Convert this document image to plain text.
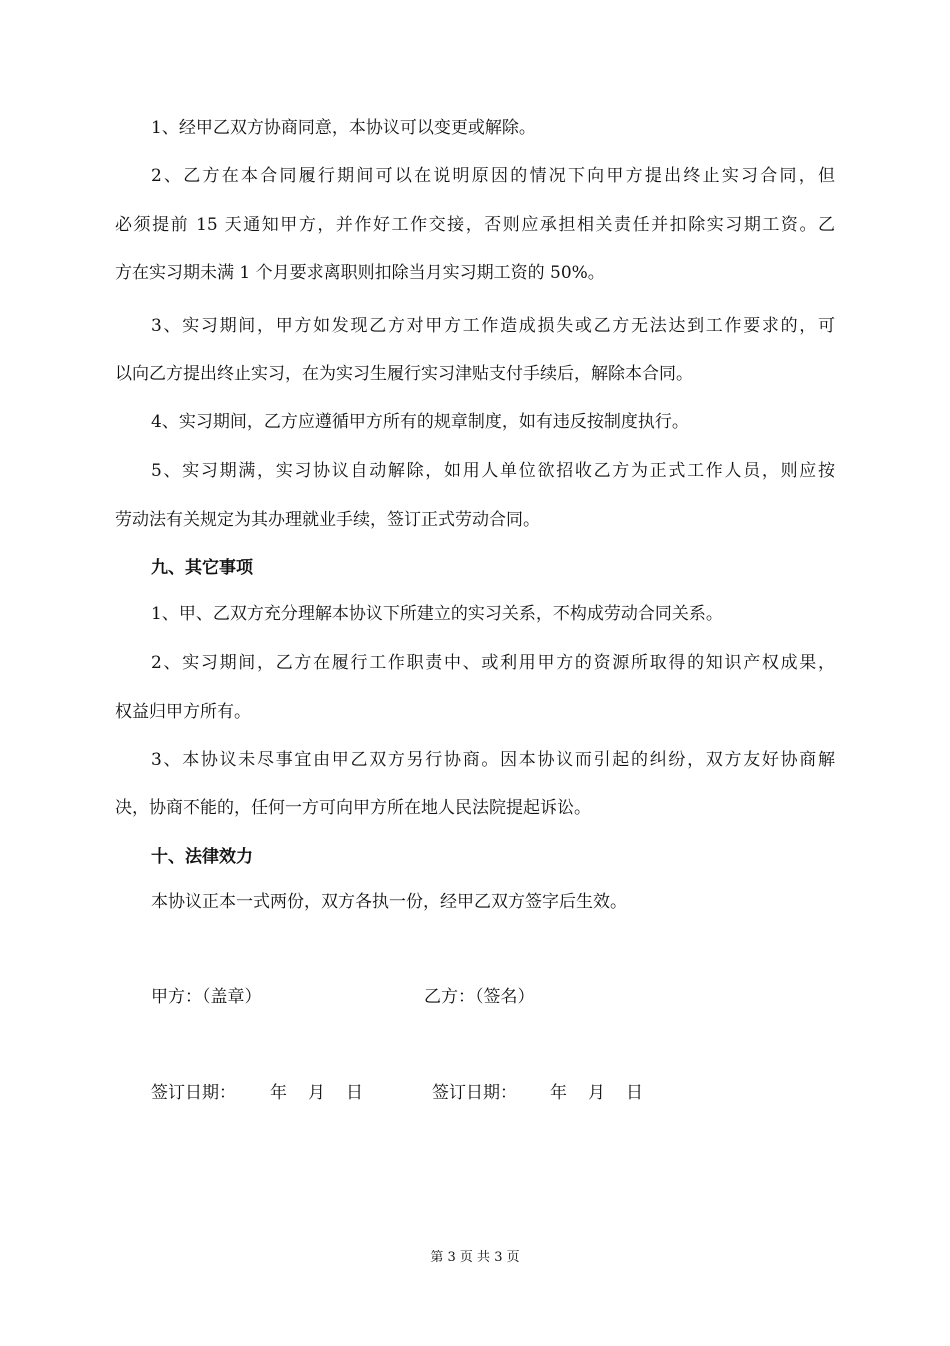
1、经甲乙双方协商同意，本协议可以变更或解除。
2、乙方在本合同履行期间可以在说明原因的情况下向甲方提出终止实习合同，但
必须提前 15 天通知甲方，并作好工作交接，否则应承担相关责任并扣除实习期工资。乙
方在实习期未满 1 个月要求离职则扣除当月实习期工资的 50%。
3、实习期间，甲方如发现乙方对甲方工作造成损失或乙方无法达到工作要求的，可
以向乙方提出终止实习，在为实习生履行实习津贴支付手续后，解除本合同。
4、实习期间，乙方应遵循甲方所有的规章制度，如有违反按制度执行。
5、实习期满，实习协议自动解除，如用人单位欲招收乙方为正式工作人员，则应按
劳动法有关规定为其办理就业手续，签订正式劳动合同。
九、其它事项
1、甲、乙双方充分理解本协议下所建立的实习关系，不构成劳动合同关系。
2、实习期间，乙方在履行工作职责中、或利用甲方的资源所取得的知识产权成果，
权益归甲方所有。
3、本协议未尽事宜由甲乙双方另行协商。因本协议而引起的纠纷，双方友好协商解
决，协商不能的，任何一方可向甲方所在地人民法院提起诉讼。
十、法律效力
本协议正本一式两份，双方各执一份，经甲乙双方签字后生效。
甲方：（盖章）	乙方：（签名）
签订日期： 年 月 日	签订日期： 年 月 日
第 3 页 共 3 页
